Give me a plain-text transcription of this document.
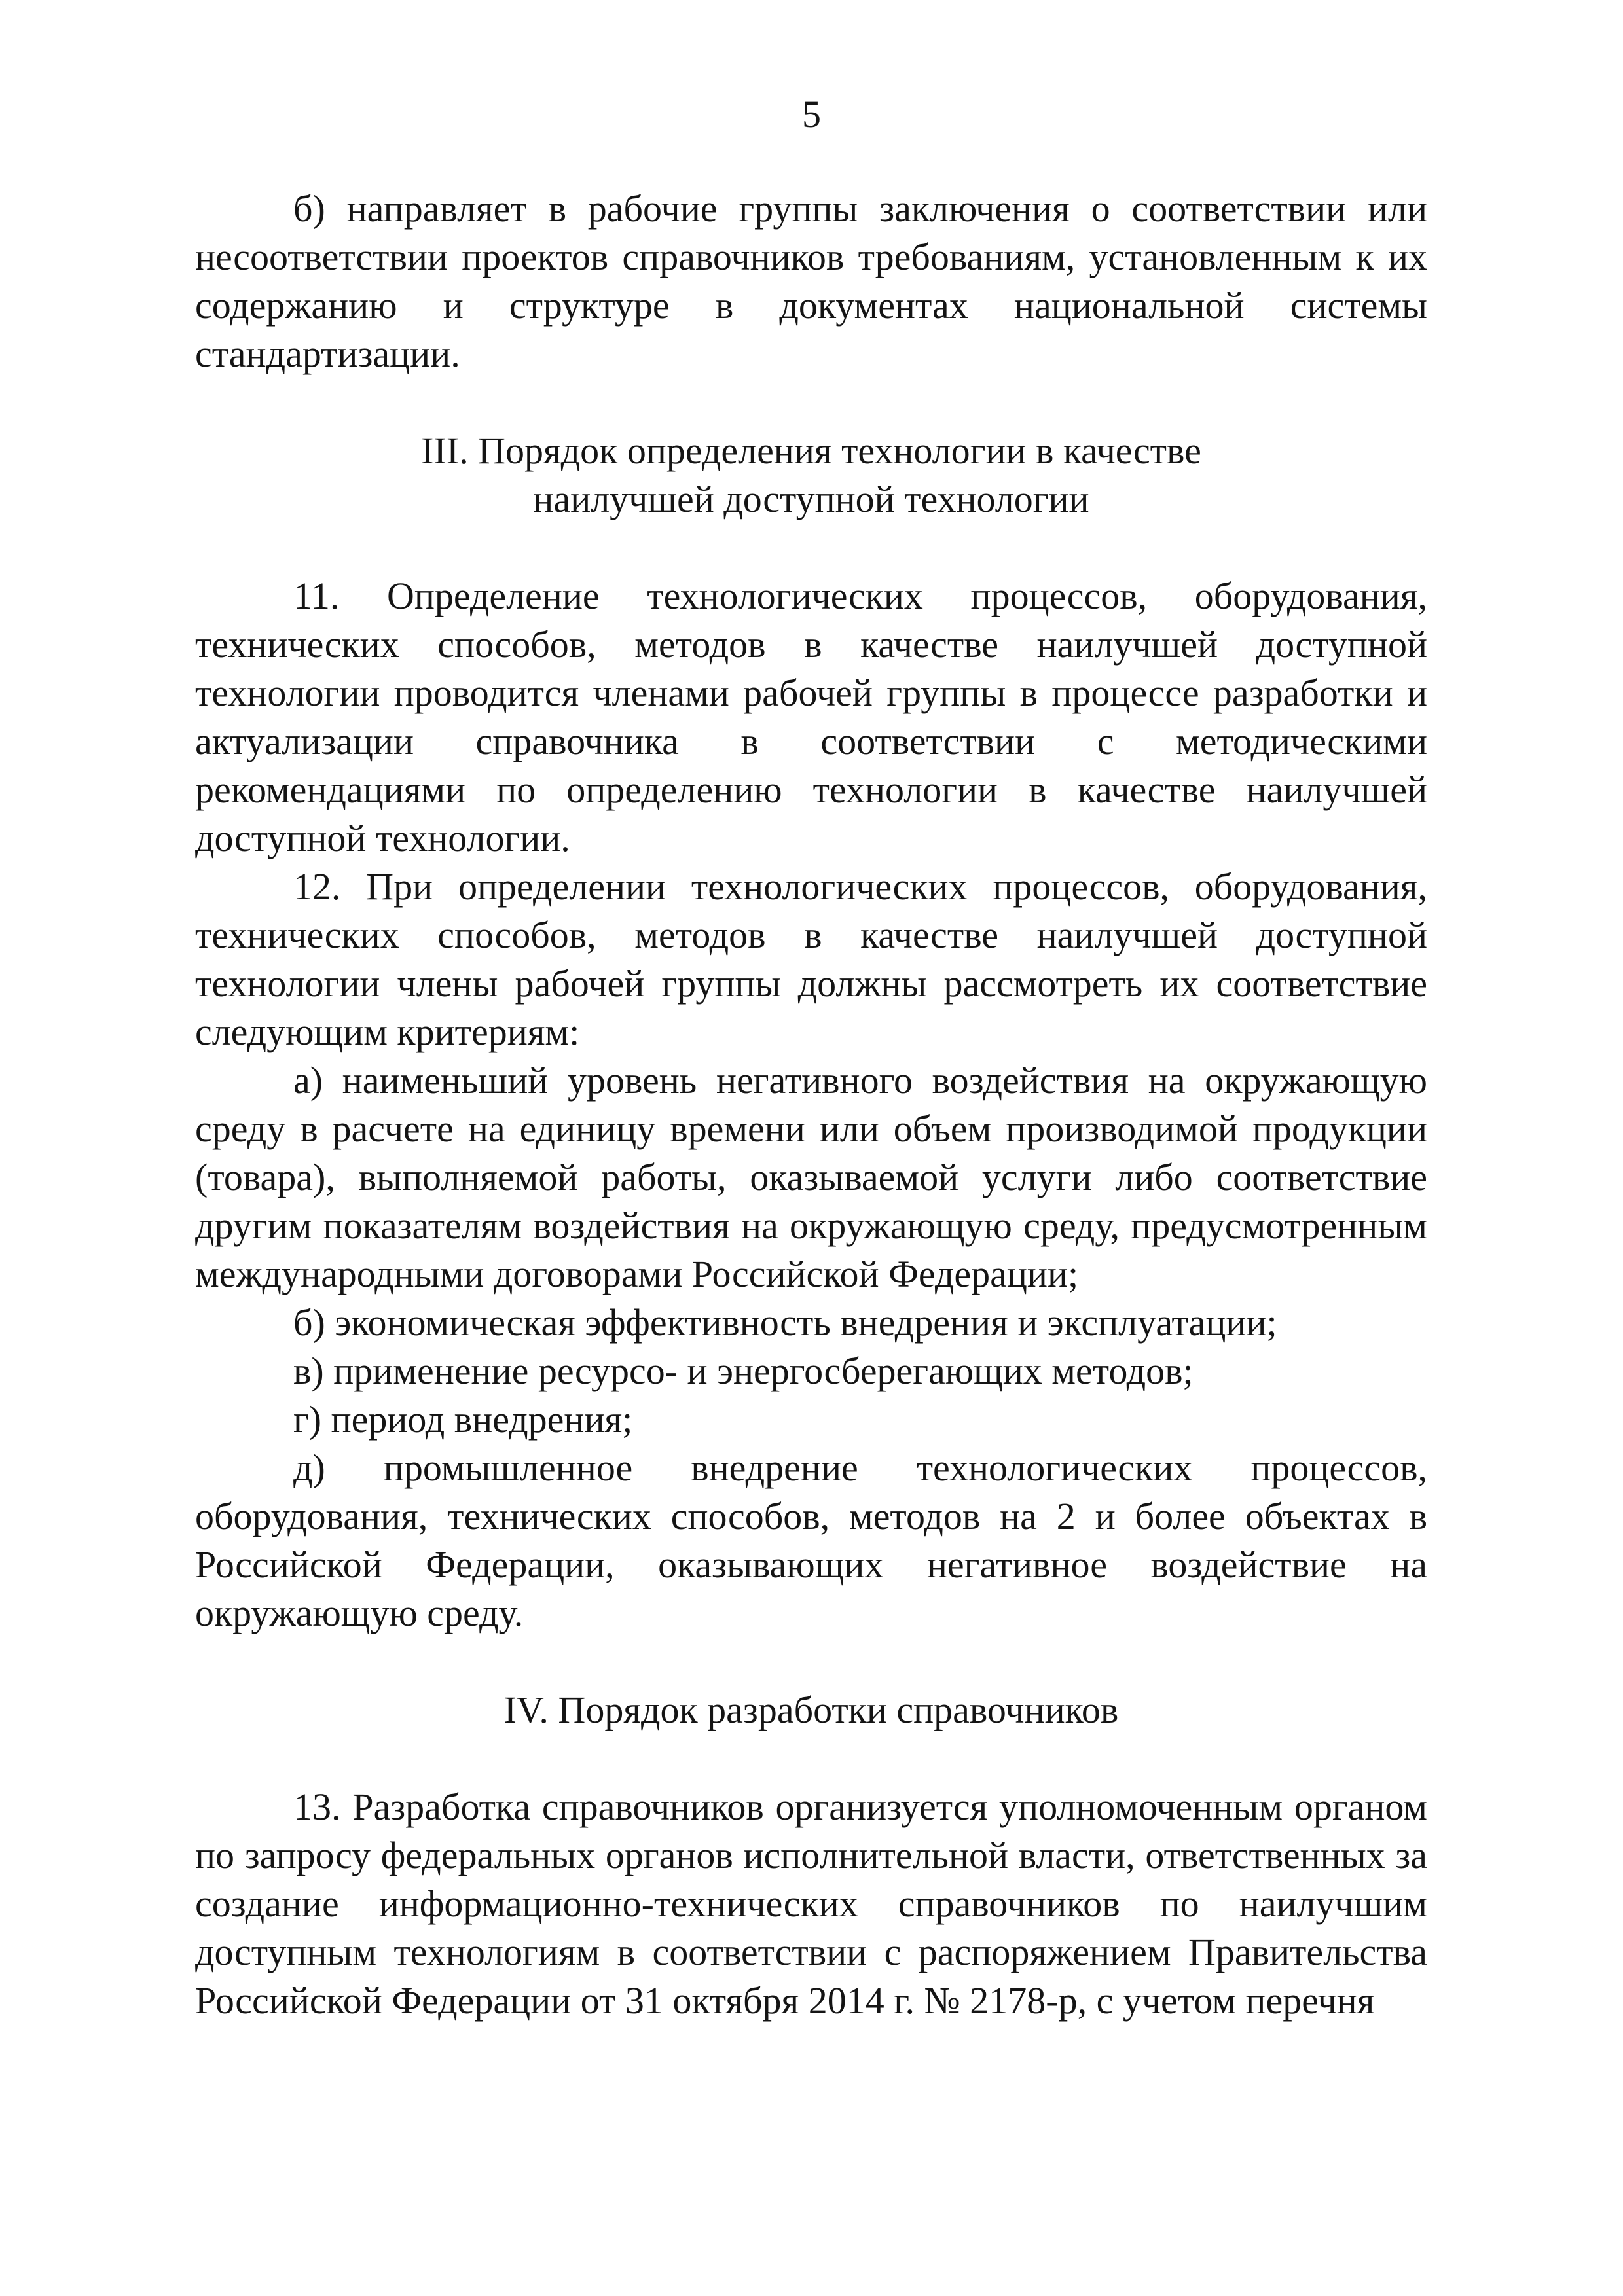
5

б) направляет в рабочие группы заключения о соответствии или несоответствии проектов справочников требованиям, установленным к их содержанию и структуре в документах национальной системы стандартизации.

III. Порядок определения технологии в качестве
наилучшей доступной технологии

11. Определение технологических процессов, оборудования, технических способов, методов в качестве наилучшей доступной технологии проводится членами рабочей группы в процессе разработки и актуализации справочника в соответствии с методическими рекомендациями по определению технологии в качестве наилучшей доступной технологии.

12. При определении технологических процессов, оборудования, технических способов, методов в качестве наилучшей доступной технологии члены рабочей группы должны рассмотреть их соответствие следующим критериям:

а) наименьший уровень негативного воздействия на окружающую среду в расчете на единицу времени или объем производимой продукции (товара), выполняемой работы, оказываемой услуги либо соответствие другим показателям воздействия на окружающую среду, предусмотренным международными договорами Российской Федерации;

б) экономическая эффективность внедрения и эксплуатации;

в) применение ресурсо- и энергосберегающих методов;

г) период внедрения;

д) промышленное внедрение технологических процессов, оборудования, технических способов, методов на 2 и более объектах в Российской Федерации, оказывающих негативное воздействие на окружающую среду.

IV. Порядок разработки справочников

13. Разработка справочников организуется уполномоченным органом по запросу федеральных органов исполнительной власти, ответственных за создание информационно-технических справочников по наилучшим доступным технологиям в соответствии с распоряжением Правительства Российской Федерации от 31 октября 2014 г. № 2178-р, с учетом перечня
